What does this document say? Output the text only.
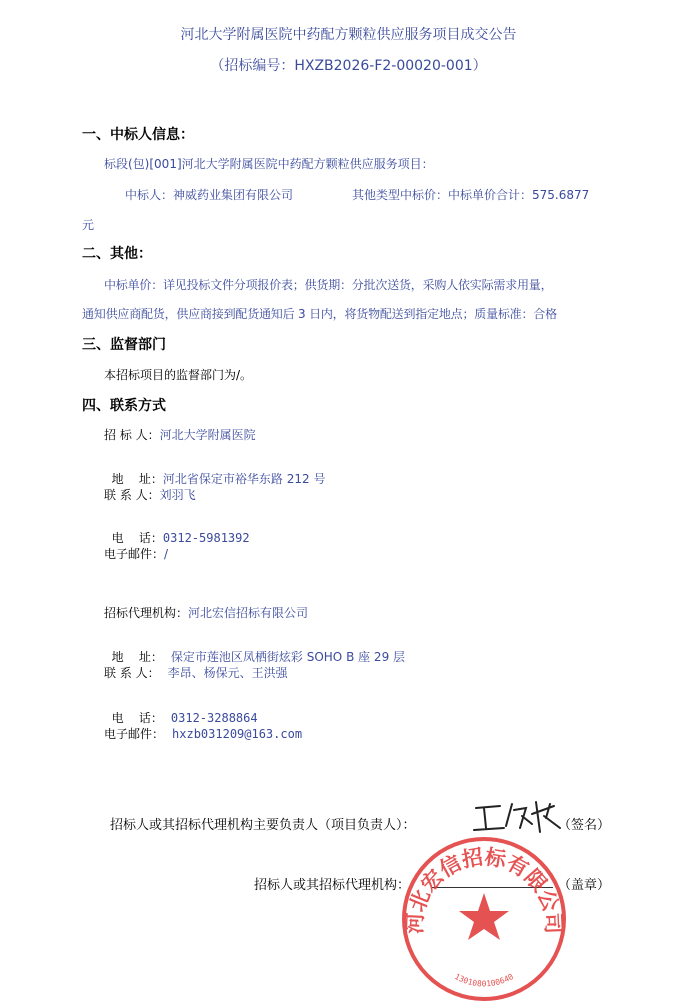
河北大学附属医院中药配方颗粒供应服务项目成交公告
（招标编号：HXZB2026-F2-00020-001）
一、中标人信息：
标段(包)[001]河北大学附属医院中药配方颗粒供应服务项目：
中标人：神威药业集团有限公司	其他类型中标价：中标单价合计：575.6877
元
二、其他：
中标单价：详见投标文件分项报价表；供货期：分批次送货，采购人依实际需求用量，
通知供应商配货，供应商接到配货通知后 3 日内，将货物配送到指定地点；质量标准：合格
三、监督部门
本招标项目的监督部门为/。
四、联系方式
招 标 人：河北大学附属医院

地    址：河北省保定市裕华东路 212 号

联 系 人：刘羽飞

电    话：0312-5981392

电子邮件：/
招标代理机构：河北宏信招标有限公司

地    址： 保定市莲池区凤栖街炫彩 SOHO B 座 29 层

联 系 人： 李昂、杨保元、王洪强

电    话： 0312-3288864

电子邮件： hxzb031209@163.com
招标人或其招标代理机构主要负责人（项目负责人）：	（签名）
招标人或其招标代理机构：	（盖章）
河北宏信招标有限公司
1301080100640
